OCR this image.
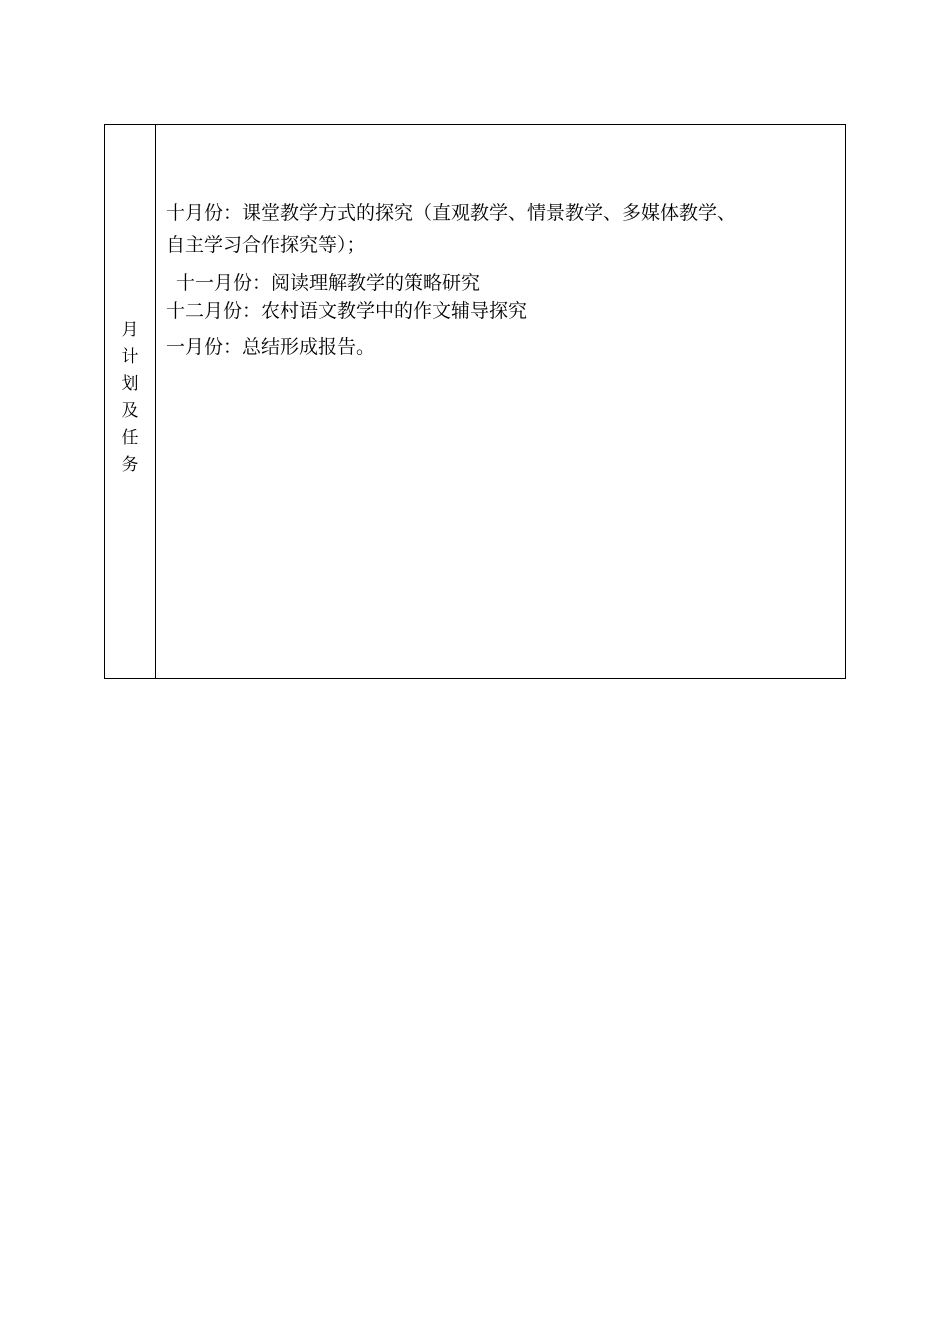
月
计
划
及
任
务
十月份：课堂教学方式的探究（直观教学、情景教学、多媒体教学、
自主学习合作探究等）；
十一月份：阅读理解教学的策略研究
十二月份：农村语文教学中的作文辅导探究
一月份：总结形成报告。
